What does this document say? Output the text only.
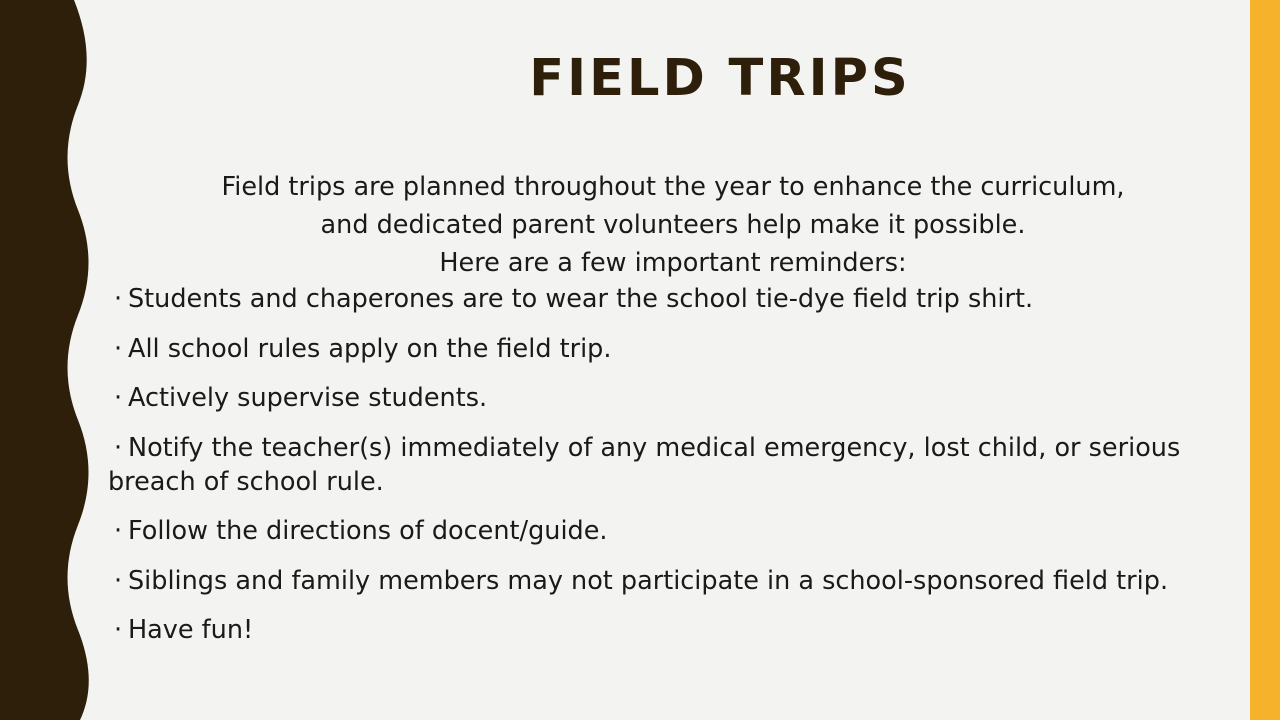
FIELD TRIPS

Field trips are planned throughout the year to enhance the curriculum,
and dedicated parent volunteers help make it possible.
Here are a few important reminders:

· Students and chaperones are to wear the school tie-dye field trip shirt.
· All school rules apply on the field trip.
· Actively supervise students.
· Notify the teacher(s) immediately of any medical emergency, lost child, or serious breach of school rule.
· Follow the directions of docent/guide.
· Siblings and family members may not participate in a school-sponsored field trip.
· Have fun!
